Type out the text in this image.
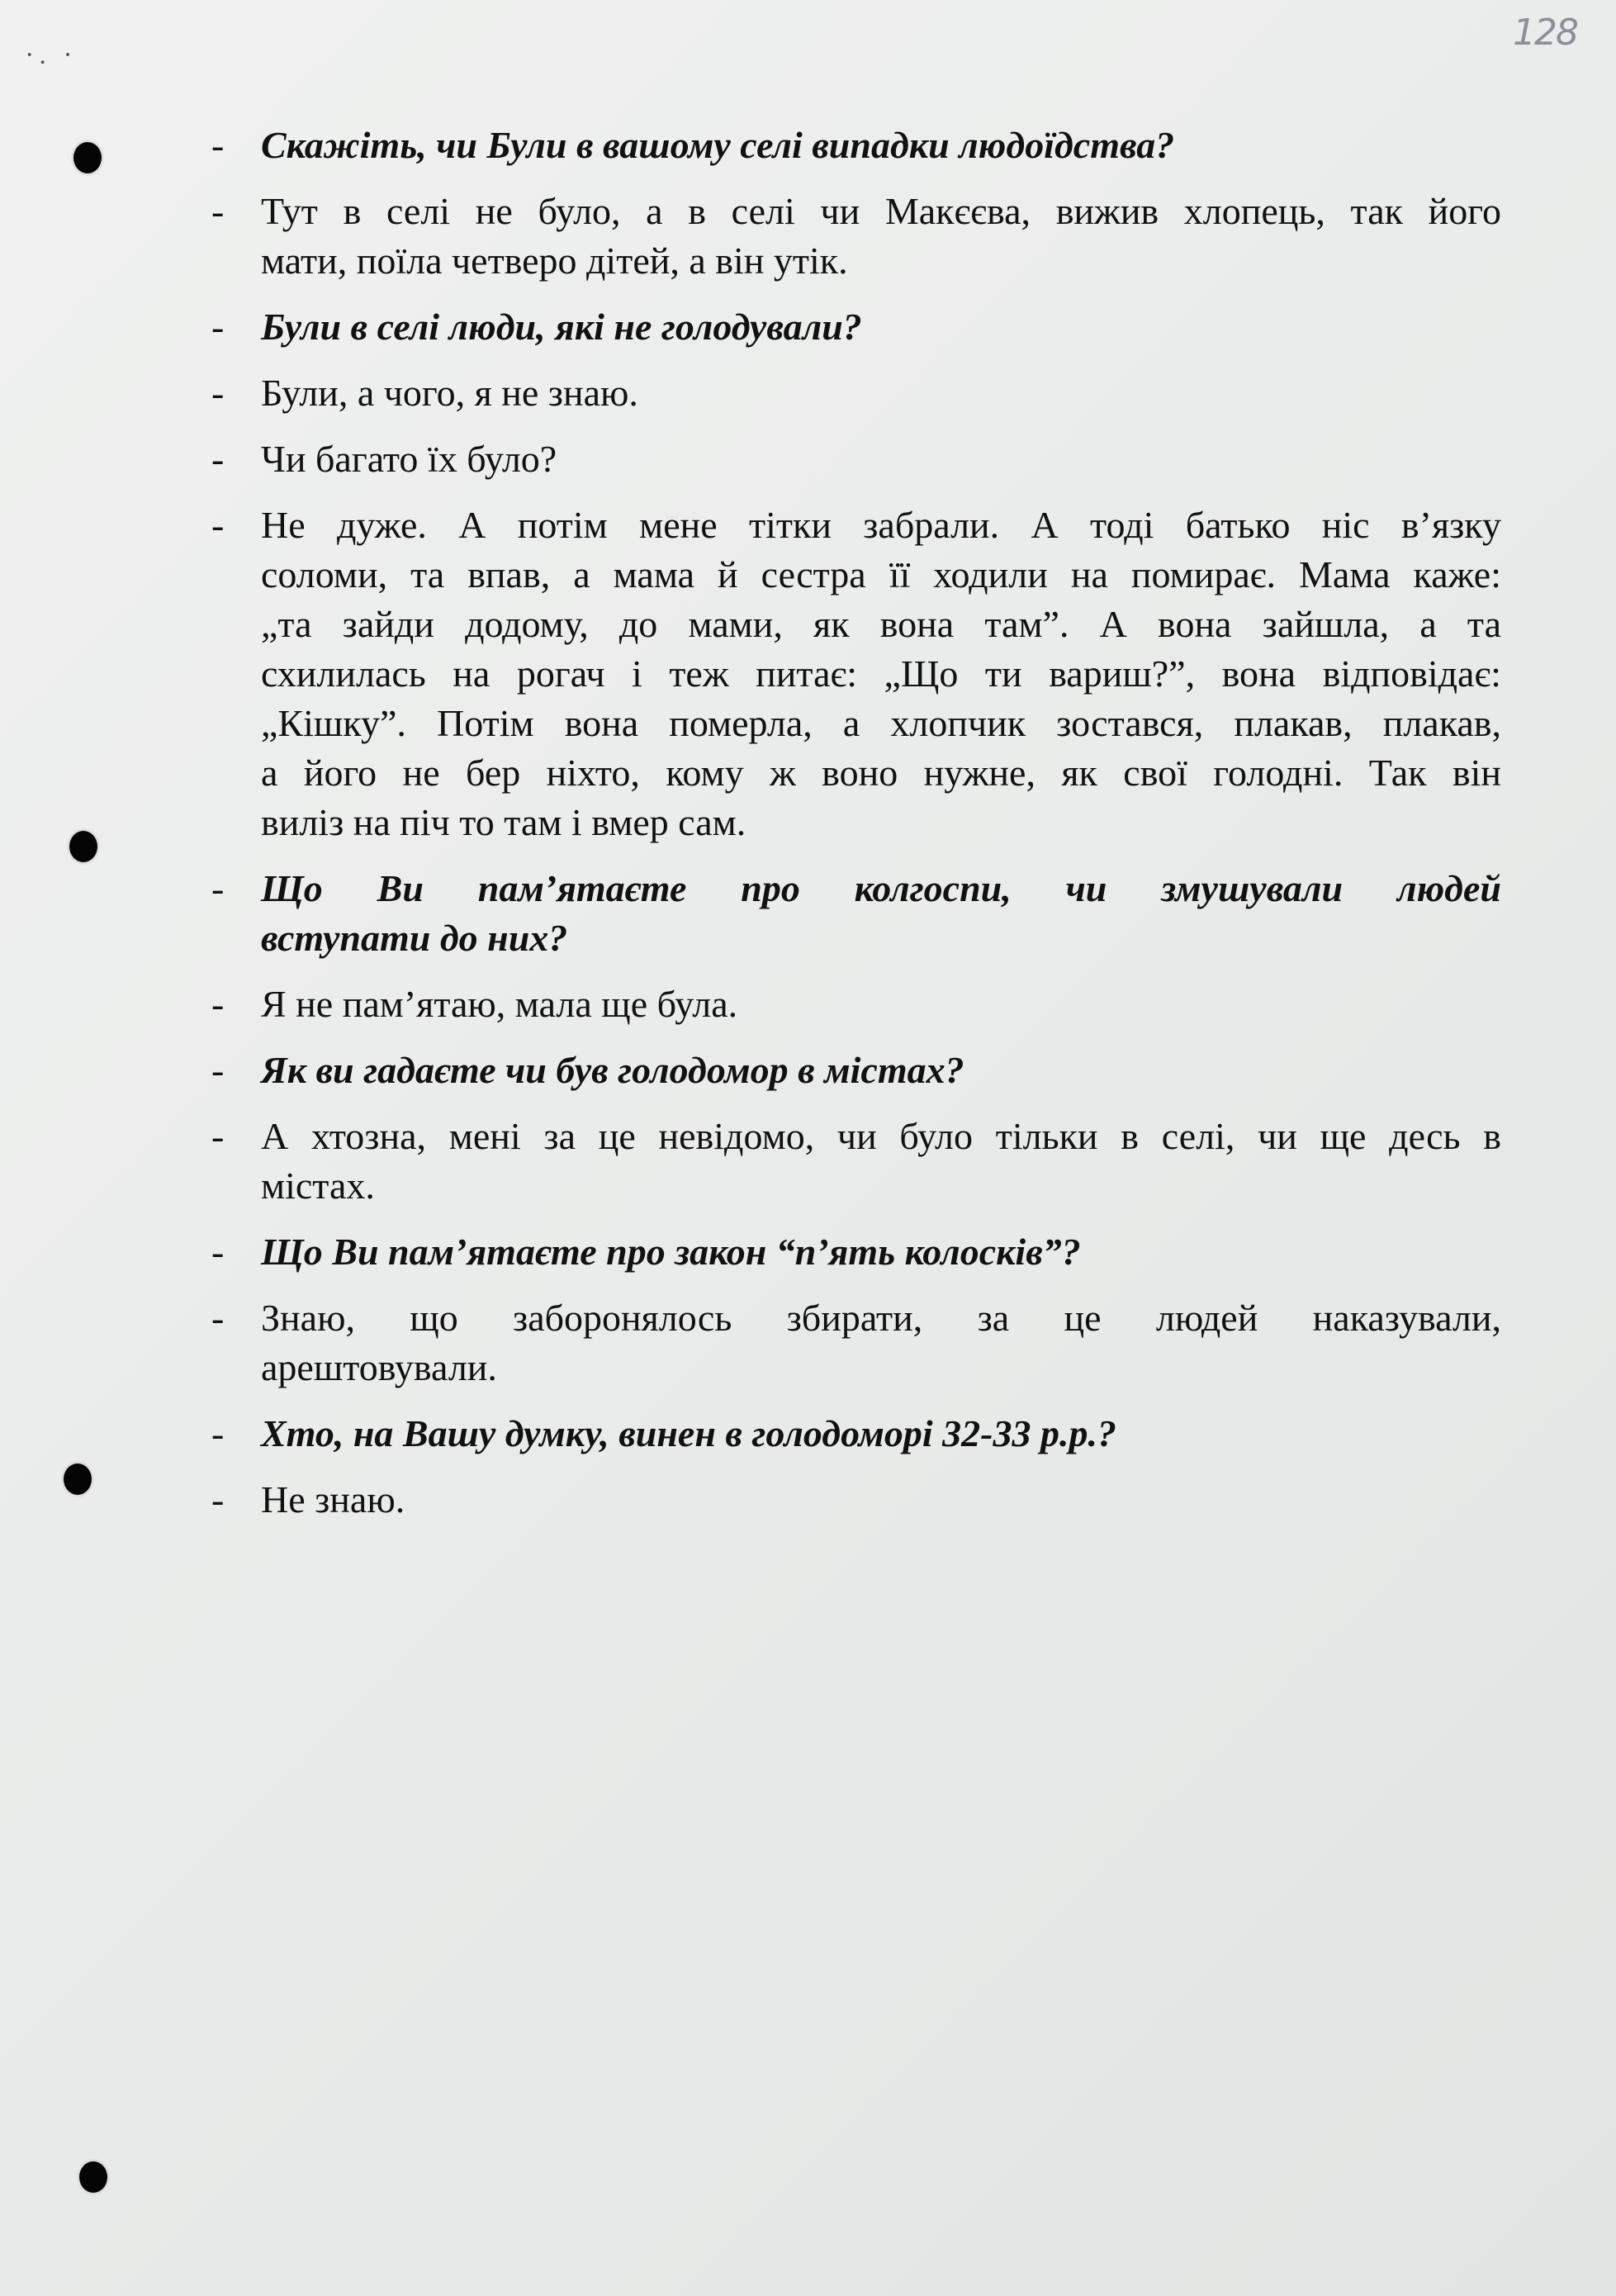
128
·. ·
- Скажіть, чи Були в вашому селі випадки людоїдства?
- Тут в селі не було, а в селі чи Макєєва, вижив хлопець, так його
мати, поїла четверо дітей, а він утік.
- Були в селі люди, які не голодували?
- Були, а чого, я не знаю.
- Чи багато їх було?
- Не дуже. А потім мене тітки забрали. А тоді батько ніс в’язку
соломи, та впав, а мама й сестра її ходили на помирає. Мама каже:
„та зайди додому, до мами, як вона там”. А вона зайшла, а та
схилилась на рогач і теж питає: „Що ти вариш?”, вона відповідає:
„Кішку”. Потім вона померла, а хлопчик зостався, плакав, плакав,
а його не бер ніхто, кому ж воно нужне, як свої голодні. Так він
виліз на піч то там і вмер сам.
- Що Ви пам’ятаєте про колгоспи, чи змушували людей
вступати до них?
- Я не пам’ятаю, мала ще була.
- Як ви гадаєте чи був голодомор в містах?
- А хтозна, мені за це невідомо, чи було тільки в селі, чи ще десь в
містах.
- Що Ви пам’ятаєте про закон “п’ять колосків”?
- Знаю, що заборонялось збирати, за це людей наказували,
арештовували.
- Хто, на Вашу думку, винен в голодоморі 32-33 р.р.?
- Не знаю.
